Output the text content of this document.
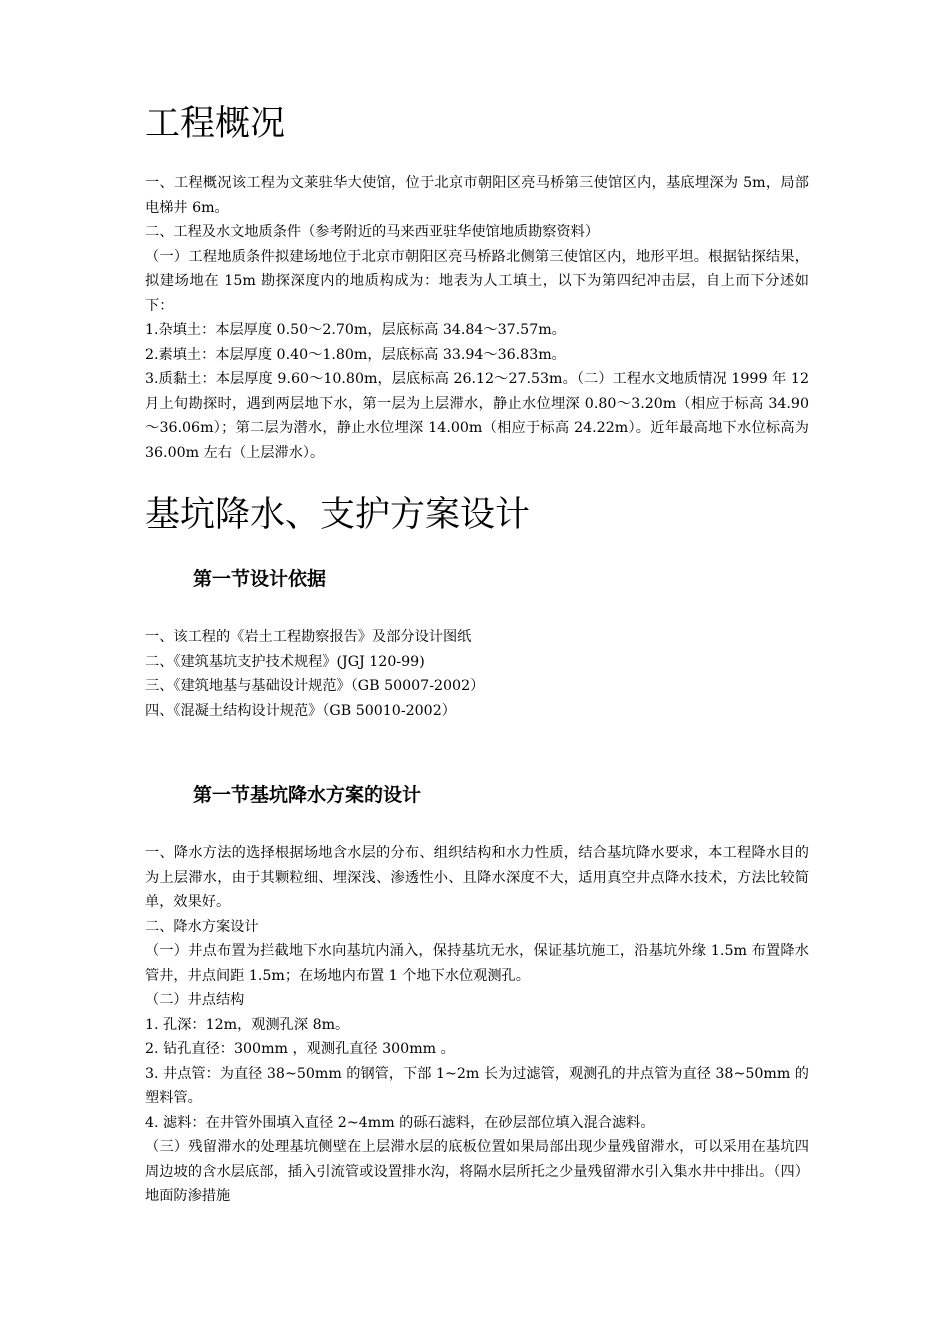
工程概况

一、工程概况该工程为文莱驻华大使馆，位于北京市朝阳区亮马桥第三使馆区内，基底埋深为 5m，局部电梯井 6m。

二、工程及水文地质条件（参考附近的马来西亚驻华使馆地质勘察资料）

（一）工程地质条件拟建场地位于北京市朝阳区亮马桥路北侧第三使馆区内，地形平坦。根据钻探结果，拟建场地在 15m 勘探深度内的地质构成为：地表为人工填土，以下为第四纪冲击层，自上而下分述如下：

1.杂填土：本层厚度 0.50～2.70m，层底标高 34.84～37.57m。

2.素填土：本层厚度 0.40～1.80m，层底标高 33.94～36.83m。

3.质黏土：本层厚度 9.60～10.80m，层底标高 26.12～27.53m。（二）工程水文地质情况 1999 年 12 月上旬勘探时，遇到两层地下水，第一层为上层滞水，静止水位埋深 0.80～3.20m（相应于标高 34.90～36.06m）；第二层为潜水，静止水位埋深 14.00m（相应于标高 24.22m）。近年最高地下水位标高为 36.00m 左右（上层滞水）。

基坑降水、支护方案设计
第一节设计依据

一、该工程的《岩土工程勘察报告》及部分设计图纸

二、《建筑基坑支护技术规程》(JGJ 120-99)

三、《建筑地基与基础设计规范》（GB 50007-2002）

四、《混凝土结构设计规范》（GB 50010-2002）

第一节基坑降水方案的设计

一、降水方法的选择根据场地含水层的分布、组织结构和水力性质，结合基坑降水要求，本工程降水目的为上层滞水，由于其颗粒细、埋深浅、渗透性小、且降水深度不大，适用真空井点降水技术，方法比较简单，效果好。

二、降水方案设计

（一）井点布置为拦截地下水向基坑内涌入，保持基坑无水，保证基坑施工，沿基坑外缘 1.5m 布置降水管井，井点间距 1.5m；在场地内布置 1 个地下水位观测孔。

（二）井点结构

1. 孔深：12m，观测孔深 8m。

2. 钻孔直径：300mm ，观测孔直径 300mm 。

3. 井点管：为直径 38~50mm 的钢管，下部 1~2m 长为过滤管，观测孔的井点管为直径 38~50mm 的塑料管。

4. 滤料：在井管外围填入直径 2~4mm 的砾石滤料，在砂层部位填入混合滤料。

（三）残留滞水的处理基坑侧壁在上层滞水层的底板位置如果局部出现少量残留滞水，可以采用在基坑四周边坡的含水层底部，插入引流管或设置排水沟，将隔水层所托之少量残留滞水引入集水井中排出。（四）地面防渗措施
